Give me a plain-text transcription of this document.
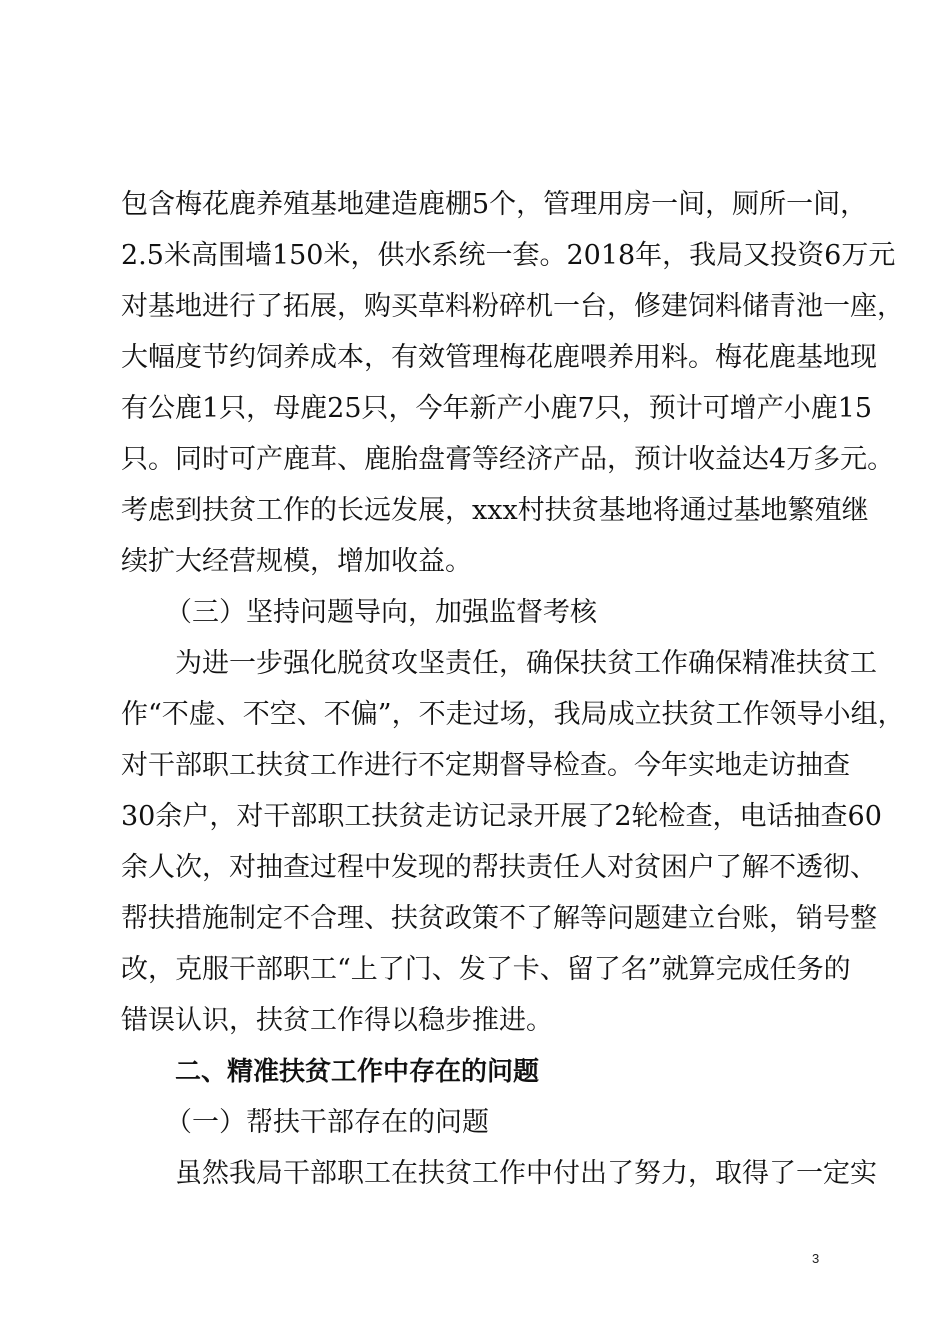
包含梅花鹿养殖基地建造鹿棚5个，管理用房一间，厕所一间，
2.5米高围墙150米，供水系统一套。2018年，我局又投资6万元
对基地进行了拓展，购买草料粉碎机一台，修建饲料储青池一座，
大幅度节约饲养成本，有效管理梅花鹿喂养用料。梅花鹿基地现
有公鹿1只，母鹿25只，今年新产小鹿7只，预计可增产小鹿15
只。同时可产鹿茸、鹿胎盘膏等经济产品，预计收益达4万多元。
考虑到扶贫工作的长远发展，xxx村扶贫基地将通过基地繁殖继
续扩大经营规模，增加收益。
（三）坚持问题导向，加强监督考核
为进一步强化脱贫攻坚责任，确保扶贫工作确保精准扶贫工
作“不虚、不空、不偏”，不走过场，我局成立扶贫工作领导小组，
对干部职工扶贫工作进行不定期督导检查。今年实地走访抽查
30余户，对干部职工扶贫走访记录开展了2轮检查，电话抽查60
余人次，对抽查过程中发现的帮扶责任人对贫困户了解不透彻、
帮扶措施制定不合理、扶贫政策不了解等问题建立台账，销号整
改，克服干部职工“上了门、发了卡、留了名”就算完成任务的
错误认识，扶贫工作得以稳步推进。
二、精准扶贫工作中存在的问题
（一）帮扶干部存在的问题
虽然我局干部职工在扶贫工作中付出了努力，取得了一定实
3
